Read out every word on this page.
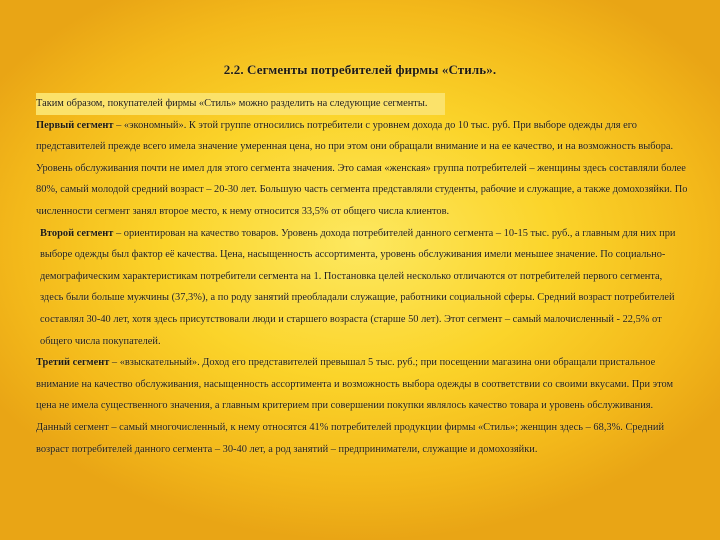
2.2. Сегменты потребителей фирмы «Стиль».

Таким образом, покупателей фирмы «Стиль» можно разделить на следующие сегменты.

Первый сегмент – «экономный». К этой группе относились потребители с уровнем дохода до 10 тыс. руб. При выборе одежды для его представителей прежде всего имела значение умеренная цена, но при этом они обращали внимание и на ее качество, и на возможность выбора. Уровень обслуживания почти не имел для этого сегмента значения. Это самая «женская» группа потребителей – женщины здесь составляли более 80%, самый молодой средний возраст – 20-30 лет. Большую часть сегмента представляли студенты, рабочие и служащие, а также домохозяйки. По численности сегмент занял второе место, к нему относится 33,5% от общего числа клиентов.

Второй сегмент – ориентирован на качество товаров. Уровень дохода потребителей данного сегмента – 10-15 тыс. руб., а главным для них при выборе одежды был фактор её качества. Цена, насыщенность ассортимента, уровень обслуживания имели меньшее значение. По социально-демографическим характеристикам потребители сегмента на 1. Постановка целей несколько отличаются от потребителей первого сегмента, здесь были больше мужчины (37,3%), а по роду занятий преобладали служащие, работники социальной сферы. Средний возраст потребителей составлял 30-40 лет, хотя здесь присутствовали люди и старшего возраста (старше 50 лет). Этот сегмент – самый малочисленный - 22,5% от общего числа покупателей.

Третий сегмент – «взыскательный». Доход его представителей превышал 5 тыс. руб.; при посещении магазина они обращали пристальное внимание на качество обслуживания, насыщенность ассортимента и возможность выбора одежды в соответствии со своими вкусами. При этом цена не имела существенного значения, а главным критерием при совершении покупки являлось качество товара и уровень обслуживания. Данный сегмент – самый многочисленный, к нему относятся 41% потребителей продукции фирмы «Стиль»; женщин здесь – 68,3%. Средний возраст потребителей данного сегмента – 30-40 лет, а род занятий – предприниматели, служащие и домохозяйки.
